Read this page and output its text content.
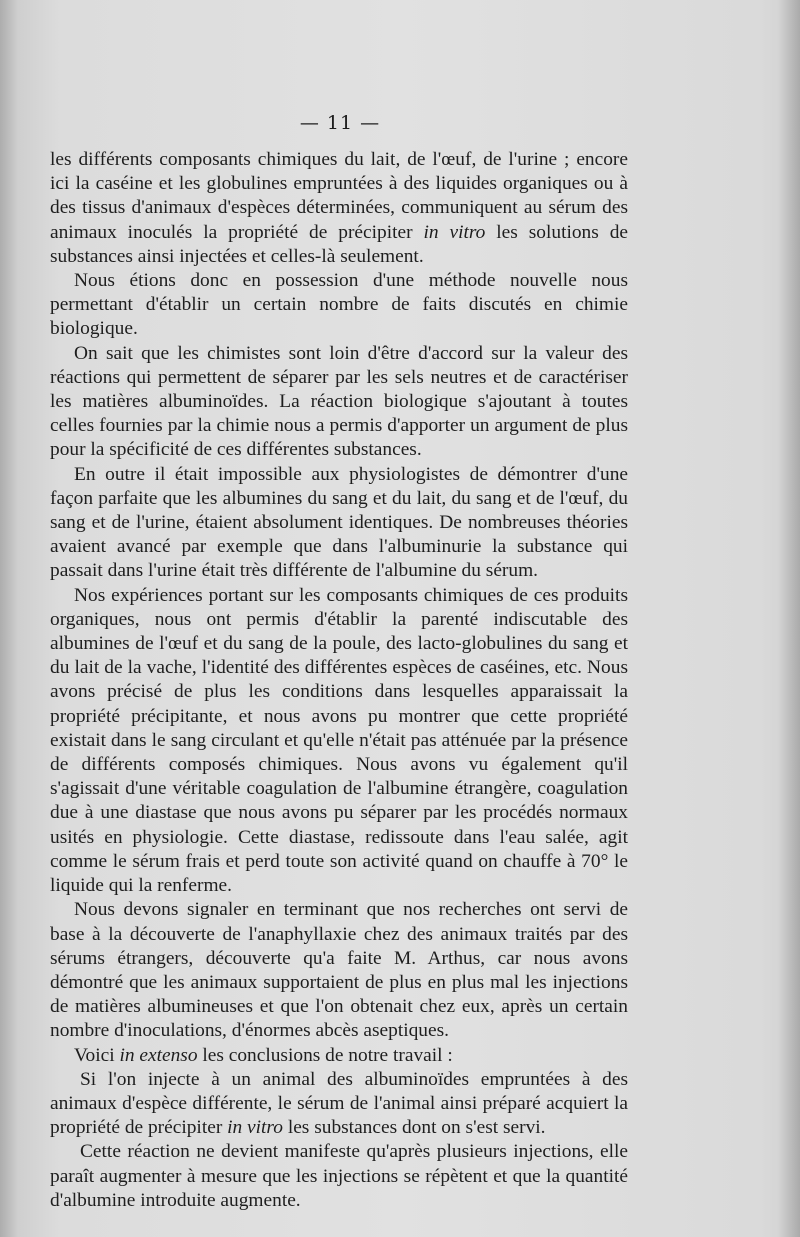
— 11 —

les différents composants chimiques du lait, de l'œuf, de l'urine ; encore ici la caséine et les globulines empruntées à des liquides organiques ou à des tissus d'animaux d'espèces déterminées, communiquent au sérum des animaux inoculés la propriété de précipiter in vitro les solutions de substances ainsi injectées et celles-là seulement.

Nous étions donc en possession d'une méthode nouvelle nous permettant d'établir un certain nombre de faits discutés en chimie biologique.

On sait que les chimistes sont loin d'être d'accord sur la valeur des réactions qui permettent de séparer par les sels neutres et de caractériser les matières albuminoïdes. La réaction biologique s'ajoutant à toutes celles fournies par la chimie nous a permis d'apporter un argument de plus pour la spécificité de ces différentes substances.

En outre il était impossible aux physiologistes de démontrer d'une façon parfaite que les albumines du sang et du lait, du sang et de l'œuf, du sang et de l'urine, étaient absolument identiques. De nombreuses théories avaient avancé par exemple que dans l'albuminurie la substance qui passait dans l'urine était très différente de l'albumine du sérum.

Nos expériences portant sur les composants chimiques de ces produits organiques, nous ont permis d'établir la parenté indiscutable des albumines de l'œuf et du sang de la poule, des lacto-globulines du sang et du lait de la vache, l'identité des différentes espèces de caséines, etc. Nous avons précisé de plus les conditions dans lesquelles apparaissait la propriété précipitante, et nous avons pu montrer que cette propriété existait dans le sang circulant et qu'elle n'était pas atténuée par la présence de différents composés chimiques. Nous avons vu également qu'il s'agissait d'une véritable coagulation de l'albumine étrangère, coagulation due à une diastase que nous avons pu séparer par les procédés normaux usités en physiologie. Cette diastase, redissoute dans l'eau salée, agit comme le sérum frais et perd toute son activité quand on chauffe à 70° le liquide qui la renferme.

Nous devons signaler en terminant que nos recherches ont servi de base à la découverte de l'anaphyllaxie chez des animaux traités par des sérums étrangers, découverte qu'a faite M. Arthus, car nous avons démontré que les animaux supportaient de plus en plus mal les injections de matières albumineuses et que l'on obtenait chez eux, après un certain nombre d'inoculations, d'énormes abcès aseptiques.

Voici in extenso les conclusions de notre travail :

Si l'on injecte à un animal des albuminoïdes empruntées à des animaux d'espèce différente, le sérum de l'animal ainsi préparé acquiert la propriété de précipiter in vitro les substances dont on s'est servi.

Cette réaction ne devient manifeste qu'après plusieurs injections, elle paraît augmenter à mesure que les injections se répètent et que la quantité d'albumine introduite augmente.
